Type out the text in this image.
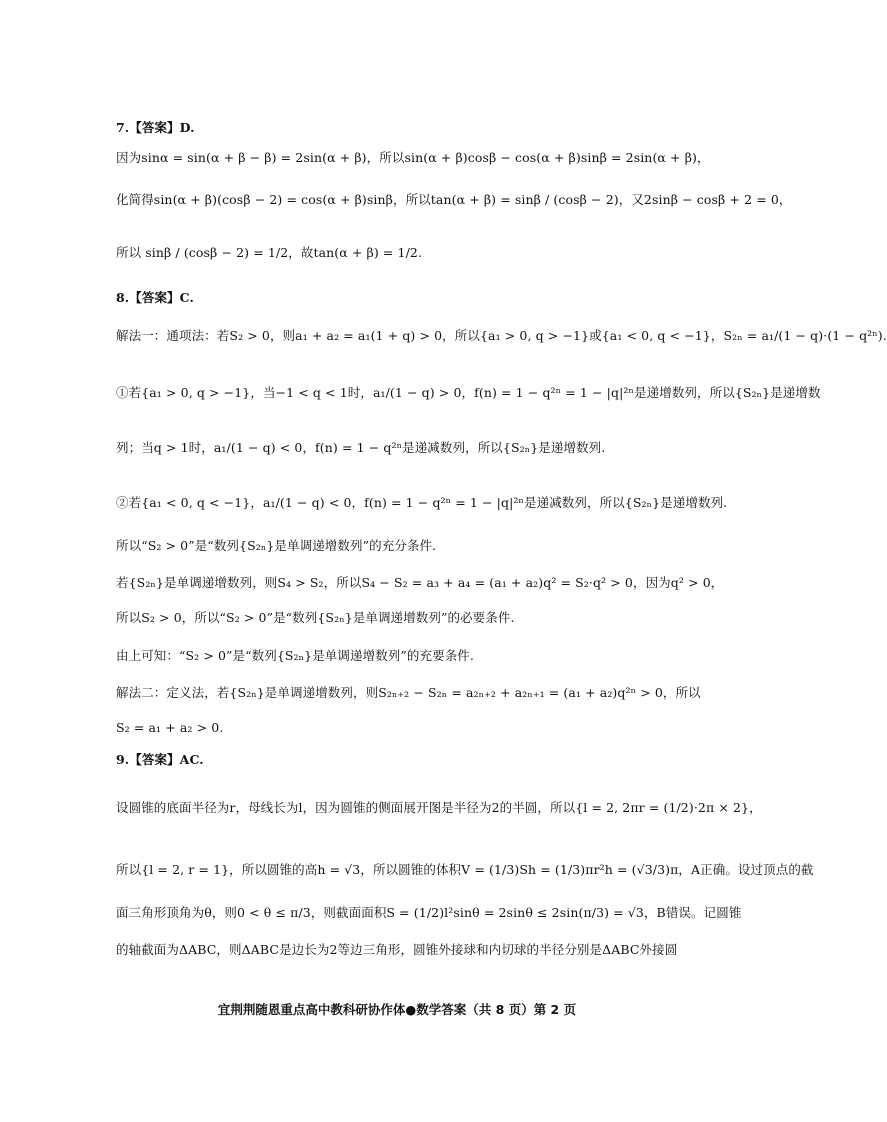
7.【答案】D.
因为sinα = sin(α + β − β) = 2sin(α + β)，所以sin(α + β)cosβ − cos(α + β)sinβ = 2sin(α + β)，
化简得sin(α + β)(cosβ − 2) = cos(α + β)sinβ，所以tan(α + β) = sinβ / (cosβ − 2)，又2sinβ − cosβ + 2 = 0，
所以 sinβ / (cosβ − 2) = 1/2，故tan(α + β) = 1/2.
8.【答案】C.
解法一：通项法：若S₂ > 0，则a₁ + a₂ = a₁(1 + q) > 0，所以{a₁ > 0, q > −1}或{a₁ < 0, q < −1}，S₂ₙ = a₁/(1 − q)·(1 − q²ⁿ).
①若{a₁ > 0, q > −1}，当−1 < q < 1时，a₁/(1 − q) > 0，f(n) = 1 − q²ⁿ = 1 − |q|²ⁿ是递增数列，所以{S₂ₙ}是递增数
列；当q > 1时，a₁/(1 − q) < 0，f(n) = 1 − q²ⁿ是递减数列，所以{S₂ₙ}是递增数列.
②若{a₁ < 0, q < −1}，a₁/(1 − q) < 0，f(n) = 1 − q²ⁿ = 1 − |q|²ⁿ是递减数列，所以{S₂ₙ}是递增数列.
所以“S₂ > 0”是“数列{S₂ₙ}是单调递增数列”的充分条件.
若{S₂ₙ}是单调递增数列，则S₄ > S₂，所以S₄ − S₂ = a₃ + a₄ = (a₁ + a₂)q² = S₂·q² > 0，因为q² > 0，
所以S₂ > 0，所以“S₂ > 0”是“数列{S₂ₙ}是单调递增数列”的必要条件.
由上可知：“S₂ > 0”是“数列{S₂ₙ}是单调递增数列”的充要条件.
解法二：定义法，若{S₂ₙ}是单调递增数列，则S₂ₙ₊₂ − S₂ₙ = a₂ₙ₊₂ + a₂ₙ₊₁ = (a₁ + a₂)q²ⁿ > 0，所以
S₂ = a₁ + a₂ > 0.
9.【答案】AC.
设圆锥的底面半径为r，母线长为l，因为圆锥的侧面展开图是半径为2的半圆，所以{l = 2, 2πr = (1/2)·2π × 2}，
所以{l = 2, r = 1}，所以圆锥的高h = √3，所以圆锥的体积V = (1/3)Sh = (1/3)πr²h = (√3/3)π，A正确。设过顶点的截
面三角形顶角为θ，则0 < θ ≤ π/3，则截面面积S = (1/2)l²sinθ = 2sinθ ≤ 2sin(π/3) = √3，B错误。记圆锥
的轴截面为ΔABC，则ΔABC是边长为2等边三角形，圆锥外接球和内切球的半径分别是ΔABC外接圆
宜荆荆随恩重点高中教科研协作体●数学答案（共 8 页）第 2 页
